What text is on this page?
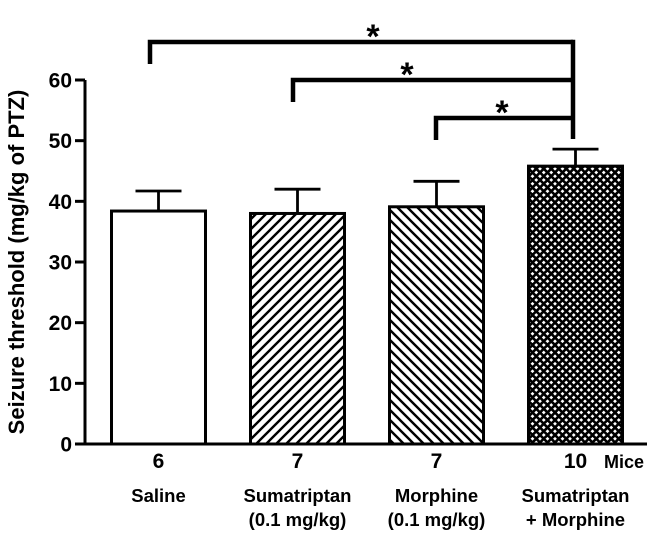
6
Saline
7
Sumatriptan
(0.1 mg/kg)
7
Morphine
(0.1 mg/kg)
10
Sumatriptan
+ Morphine
0
10
20
30
40
50
60
Seizure threshold (mg/kg of PTZ)
Mice
*
*
*
